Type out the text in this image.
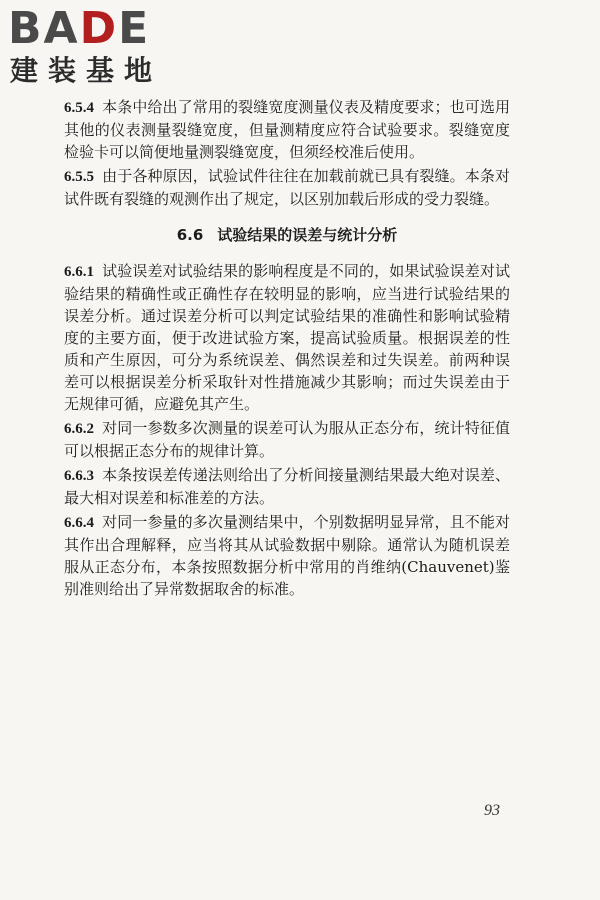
BADE
建装基地

6.5.4 本条中给出了常用的裂缝宽度测量仪表及精度要求；也可选用其他的仪表测量裂缝宽度，但量测精度应符合试验要求。裂缝宽度检验卡可以简便地量测裂缝宽度，但须经校准后使用。

6.5.5 由于各种原因，试验试件往往在加载前就已具有裂缝。本条对试件既有裂缝的观测作出了规定，以区别加载后形成的受力裂缝。

6.6 试验结果的误差与统计分析

6.6.1 试验误差对试验结果的影响程度是不同的，如果试验误差对试验结果的精确性或正确性存在较明显的影响，应当进行试验结果的误差分析。通过误差分析可以判定试验结果的准确性和影响试验精度的主要方面，便于改进试验方案，提高试验质量。根据误差的性质和产生原因，可分为系统误差、偶然误差和过失误差。前两种误差可以根据误差分析采取针对性措施减少其影响；而过失误差由于无规律可循，应避免其产生。

6.6.2 对同一参数多次测量的误差可认为服从正态分布，统计特征值可以根据正态分布的规律计算。

6.6.3 本条按误差传递法则给出了分析间接量测结果最大绝对误差、最大相对误差和标准差的方法。

6.6.4 对同一参量的多次量测结果中，个别数据明显异常，且不能对其作出合理解释，应当将其从试验数据中剔除。通常认为随机误差服从正态分布，本条按照数据分析中常用的肖维纳(Chauvenet)鉴别准则给出了异常数据取舍的标准。

93
